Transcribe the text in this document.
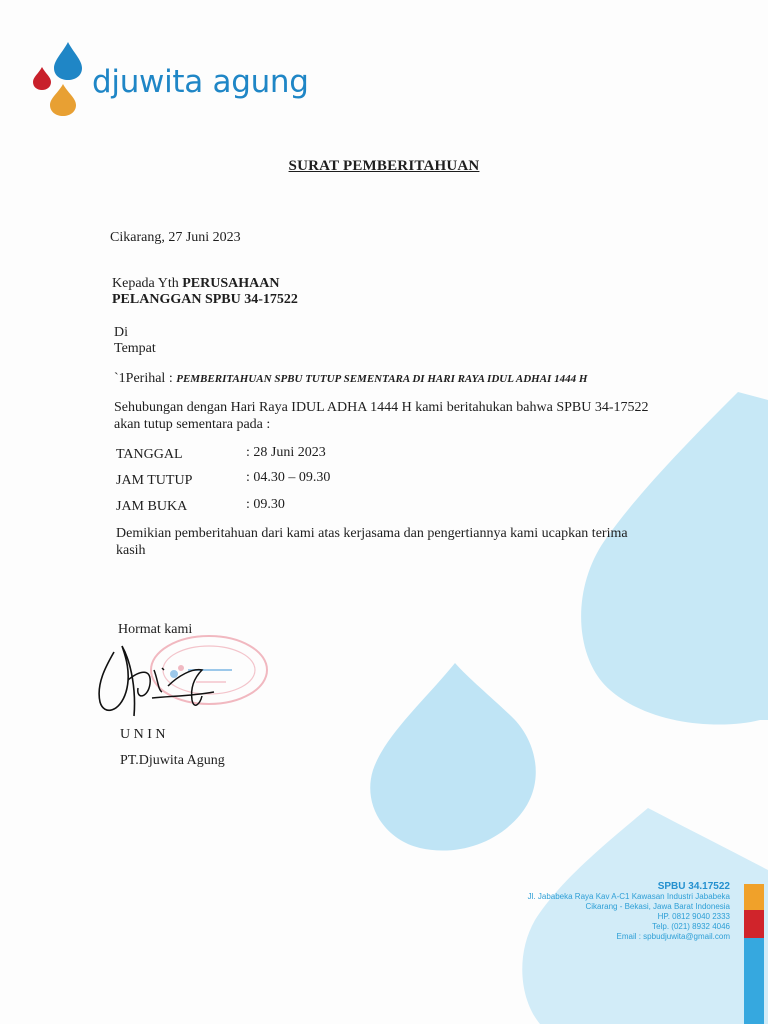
djuwita agung
SURAT PEMBERITAHUAN
Cikarang, 27 Juni 2023
Kepada Yth PERUSAHAAN
PELANGGAN SPBU 34-17522
Di
Tempat
`1Perihal : PEMBERITAHUAN SPBU TUTUP SEMENTARA DI HARI RAYA IDUL ADHAI 1444 H
Sehubungan dengan Hari Raya IDUL ADHA 1444 H kami beritahukan bahwa SPBU 34-17522
akan tutup sementara pada :
TANGGAL	: 28 Juni 2023
JAM TUTUP	: 04.30 – 09.30
JAM BUKA	: 09.30
Demikian pemberitahuan dari kami atas kerjasama dan pengertiannya kami ucapkan terima
kasih
Hormat kami
U N I N
PT.Djuwita Agung
SPBU 34.17522
Jl. Jababeka Raya Kav A-C1 Kawasan Industri Jababeka
Cikarang - Bekasi, Jawa Barat Indonesia
HP. 0812 9040 2333
Telp. (021) 8932 4046
Email : spbudjuwita@gmail.com
